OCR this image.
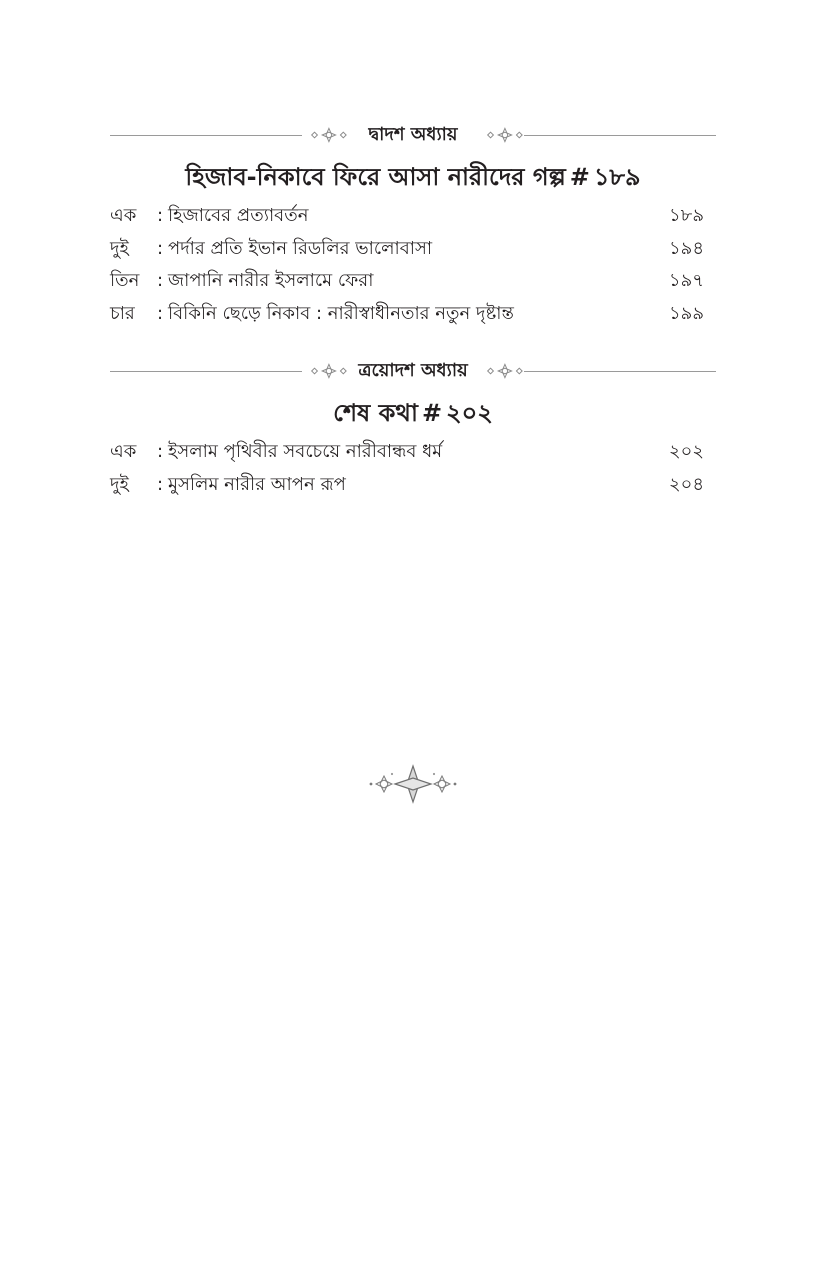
দ্বাদশ অধ্যায়
হিজাব-নিকাবে ফিরে আসা নারীদের গল্প # ১৮৯
এক : হিজাবের প্রত্যাবর্তন	১৮৯
দুই : পর্দার প্রতি ইভান রিডলির ভালোবাসা	১৯৪
তিন : জাপানি নারীর ইসলামে ফেরা	১৯৭
চার : বিকিনি ছেড়ে নিকাব : নারীস্বাধীনতার নতুন দৃষ্টান্ত	১৯৯
ত্রয়োদশ অধ্যায়
শেষ কথা # ২০২
এক : ইসলাম পৃথিবীর সবচেয়ে নারীবান্ধব ধর্ম	২০২
দুই : মুসলিম নারীর আপন রূপ	২০৪
